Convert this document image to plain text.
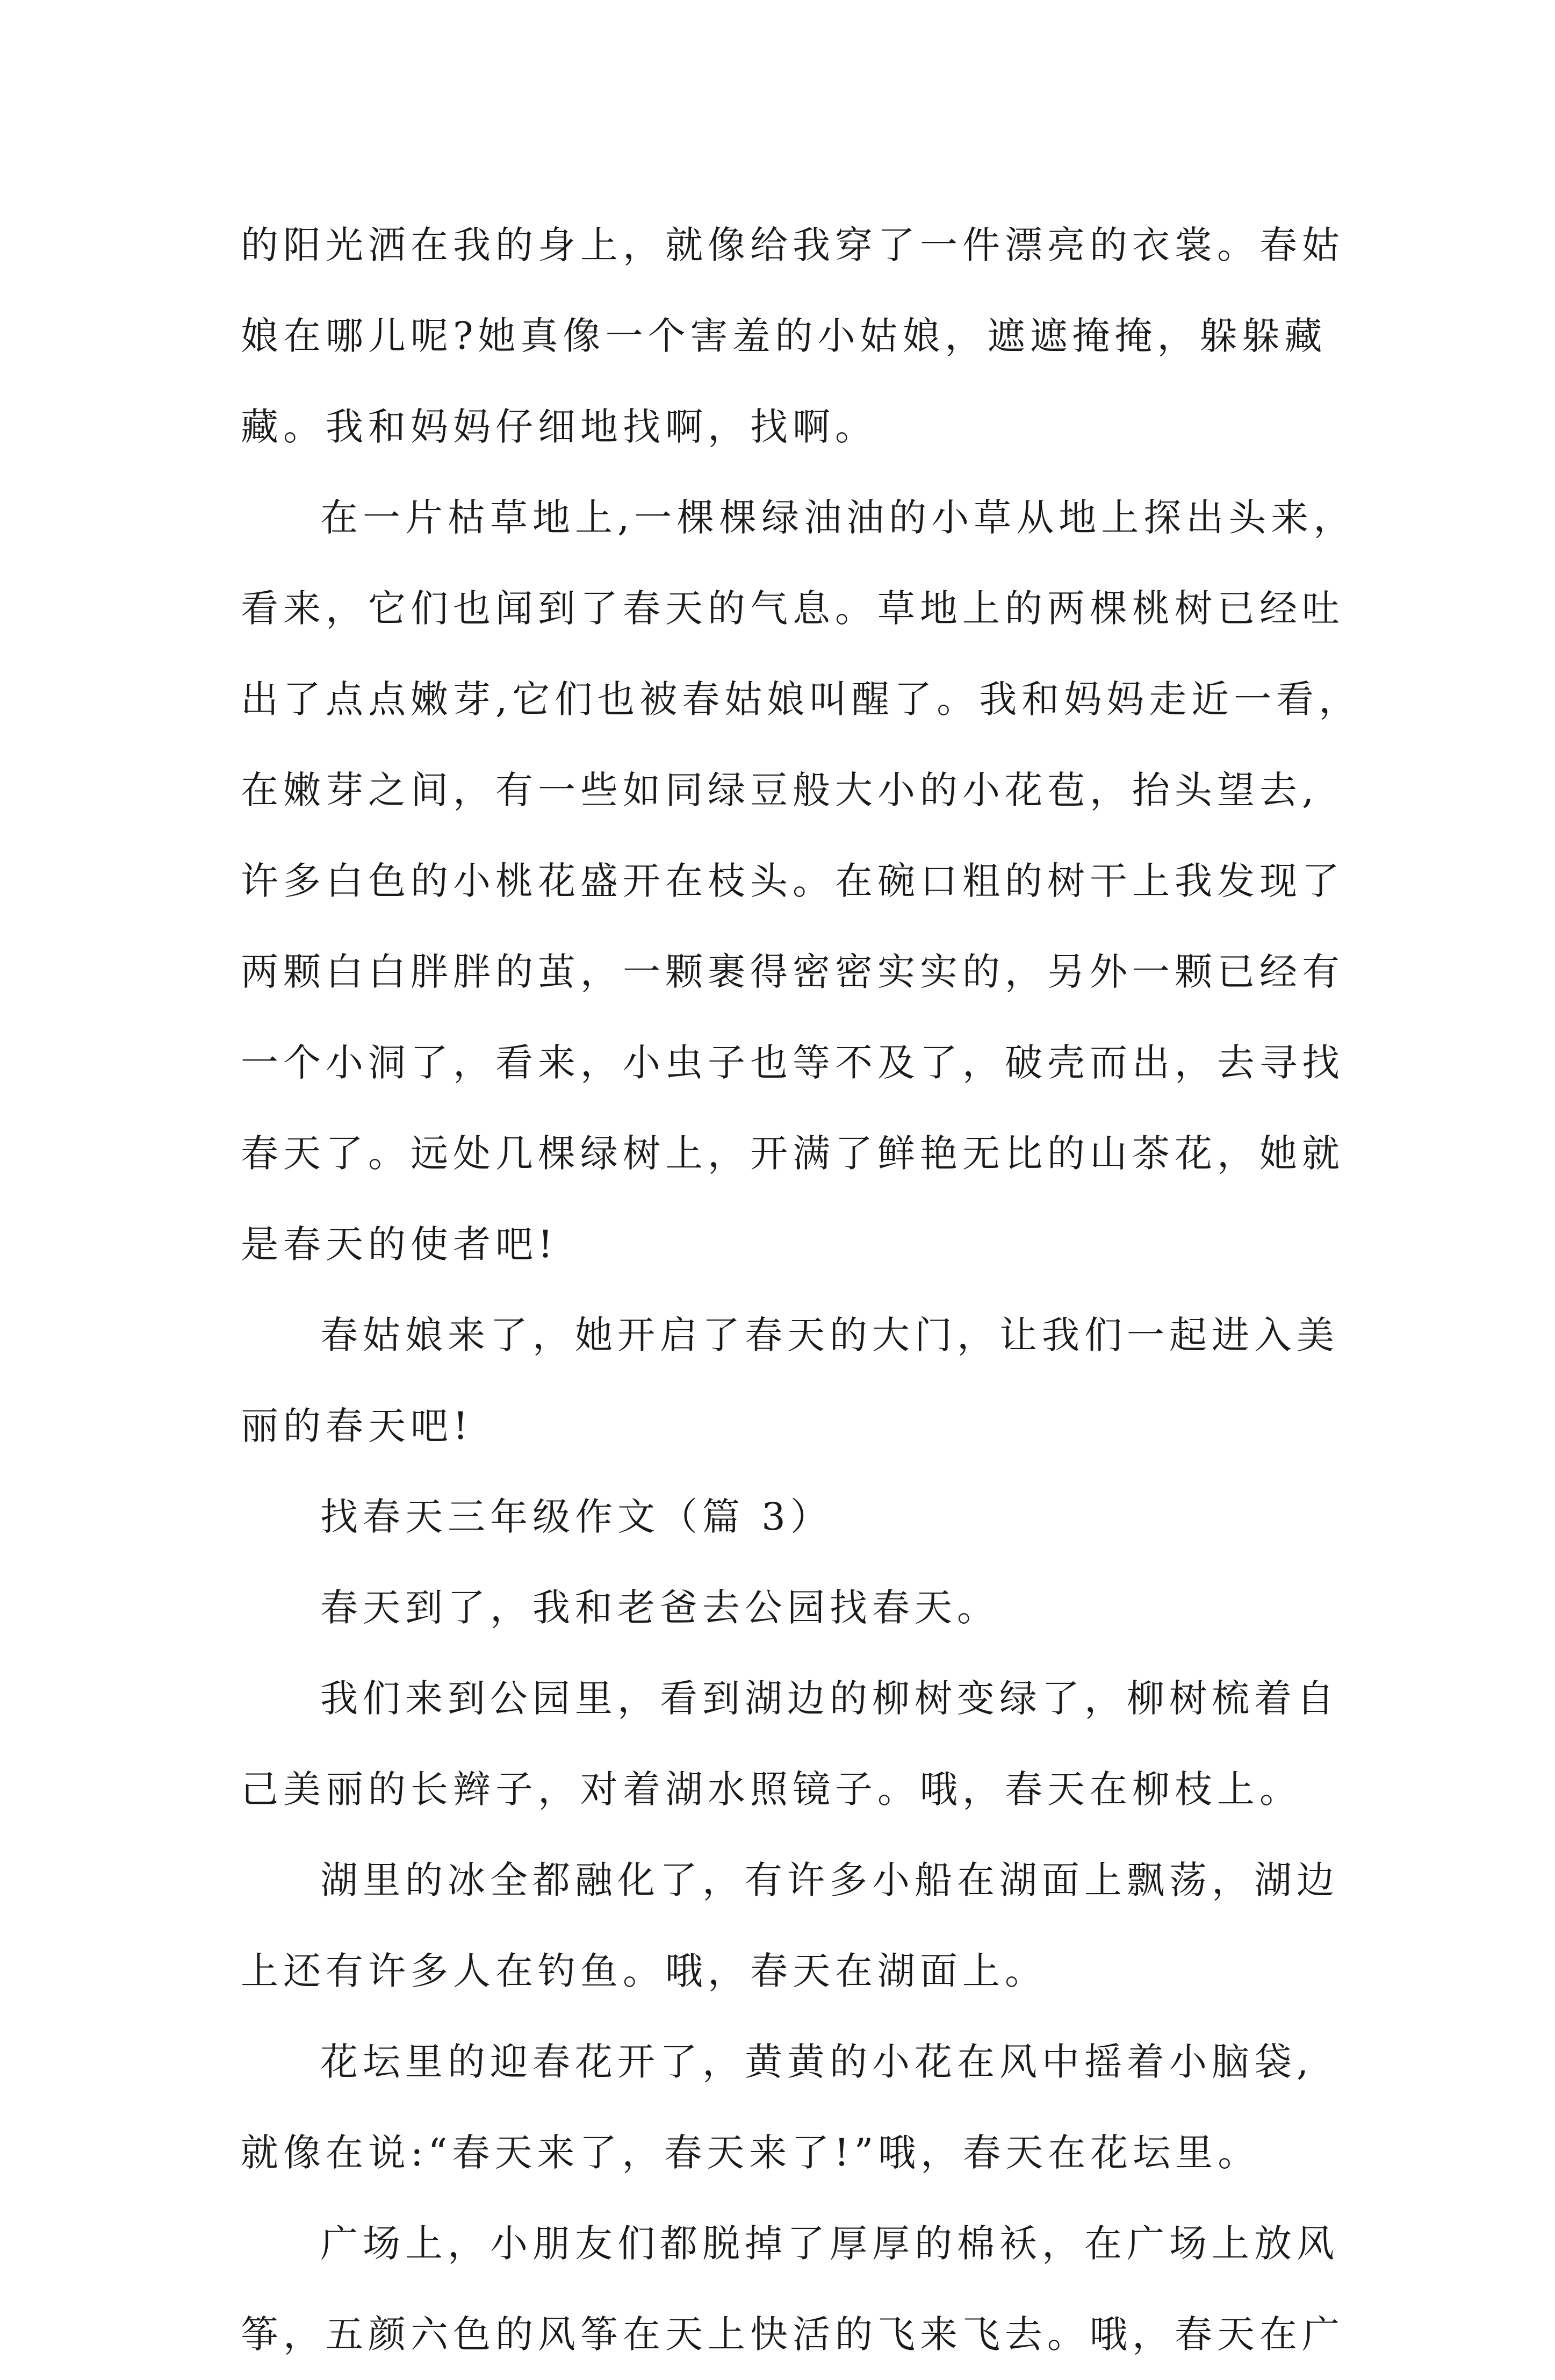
的阳光洒在我的身上，就像给我穿了一件漂亮的衣裳。春姑
娘在哪儿呢?她真像一个害羞的小姑娘，遮遮掩掩，躲躲藏
藏。我和妈妈仔细地找啊，找啊。
在一片枯草地上,一棵棵绿油油的小草从地上探出头来，
看来，它们也闻到了春天的气息。草地上的两棵桃树已经吐
出了点点嫩芽,它们也被春姑娘叫醒了。我和妈妈走近一看，
在嫩芽之间，有一些如同绿豆般大小的小花苞，抬头望去,
许多白色的小桃花盛开在枝头。在碗口粗的树干上我发现了
两颗白白胖胖的茧，一颗裹得密密实实的，另外一颗已经有
一个小洞了，看来，小虫子也等不及了，破壳而出，去寻找
春天了。远处几棵绿树上，开满了鲜艳无比的山茶花，她就
是春天的使者吧!
春姑娘来了，她开启了春天的大门，让我们一起进入美
丽的春天吧!
找春天三年级作文（篇 3）
春天到了，我和老爸去公园找春天。
我们来到公园里，看到湖边的柳树变绿了，柳树梳着自
己美丽的长辫子，对着湖水照镜子。哦，春天在柳枝上。
湖里的冰全都融化了，有许多小船在湖面上飘荡，湖边
上还有许多人在钓鱼。哦，春天在湖面上。
花坛里的迎春花开了，黄黄的小花在风中摇着小脑袋,
就像在说:“春天来了，春天来了!”哦，春天在花坛里。
广场上，小朋友们都脱掉了厚厚的棉袄，在广场上放风
筝，五颜六色的风筝在天上快活的飞来飞去。哦，春天在广
